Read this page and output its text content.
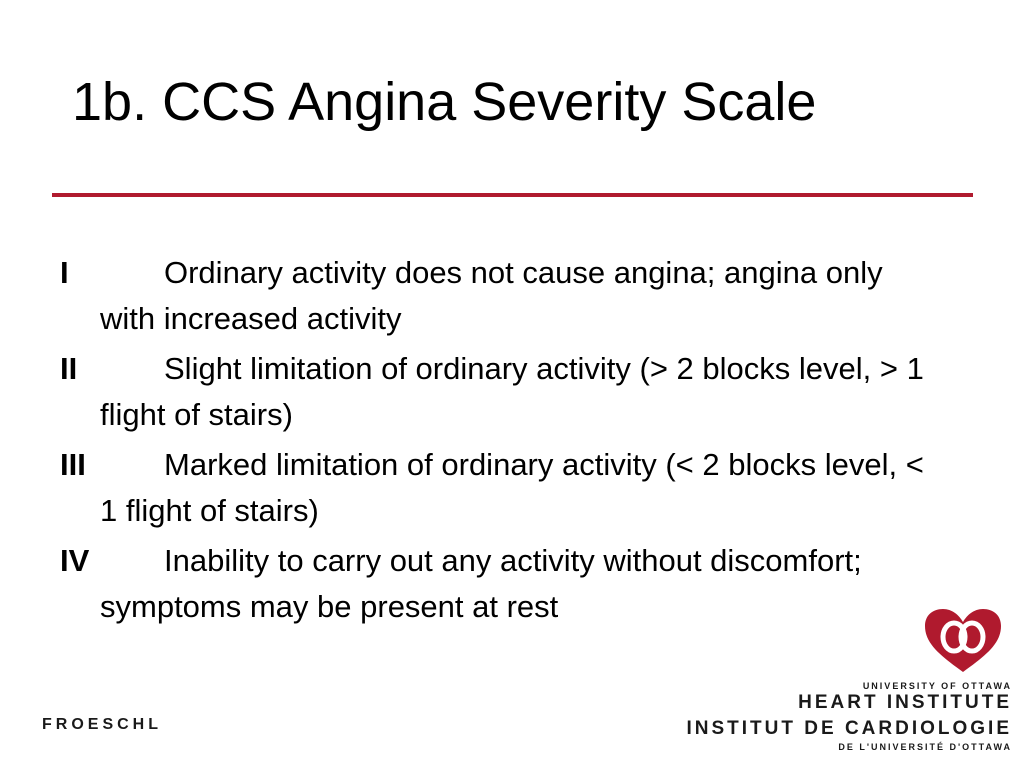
1b. CCS Angina Severity Scale
I	Ordinary activity does not cause angina; angina only with increased activity
II	Slight limitation of ordinary activity (> 2 blocks level, > 1 flight of stairs)
III	Marked limitation of ordinary activity (< 2 blocks level, < 1 flight of stairs)
IV	Inability to carry out any activity without discomfort; symptoms may be present at rest
FROESCHL
UNIVERSITY OF OTTAWA
HEART INSTITUTE
INSTITUT DE CARDIOLOGIE
DE L'UNIVERSITÉ D'OTTAWA
